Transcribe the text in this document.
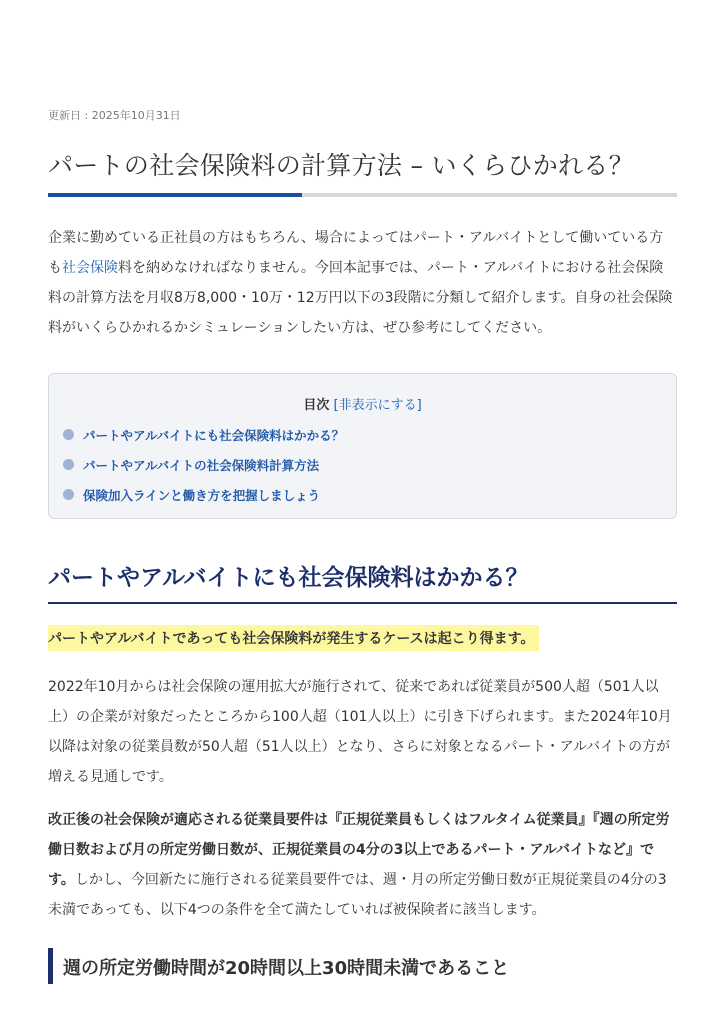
更新日 : 2025年10月31日
パートの社会保険料の計算方法 – いくらひかれる？

企業に勤めている正社員の方はもちろん、場合によってはパート・アルバイトとして働いている方も社会保険料を納めなければなりません。今回本記事では、パート・アルバイトにおける社会保険料の計算方法を月収8万8,000・10万・12万円以下の3段階に分類して紹介します。自身の社会保険料がいくらひかれるかシミュレーションしたい方は、ぜひ参考にしてください。

目次 [非表示にする]
パートやアルバイトにも社会保険料はかかる？
パートやアルバイトの社会保険料計算方法
保険加入ラインと働き方を把握しましょう
パートやアルバイトにも社会保険料はかかる？
パートやアルバイトであっても社会保険料が発生するケースは起こり得ます。

2022年10月からは社会保険の運用拡大が施行されて、従来であれば従業員が500人超（501人以上）の企業が対象だったところから100人超（101人以上）に引き下げられます。また2024年10月以降は対象の従業員数が50人超（51人以上）となり、さらに対象となるパート・アルバイトの方が増える見通しです。

改正後の社会保険が適応される従業員要件は『正規従業員もしくはフルタイム従業員』『週の所定労働日数および月の所定労働日数が、正規従業員の4分の3以上であるパート・アルバイトなど』です。しかし、今回新たに施行される従業員要件では、週・月の所定労働日数が正規従業員の4分の3未満であっても、以下4つの条件を全て満たしていれば被保険者に該当します。

週の所定労働時間が20時間以上30時間未満であること
